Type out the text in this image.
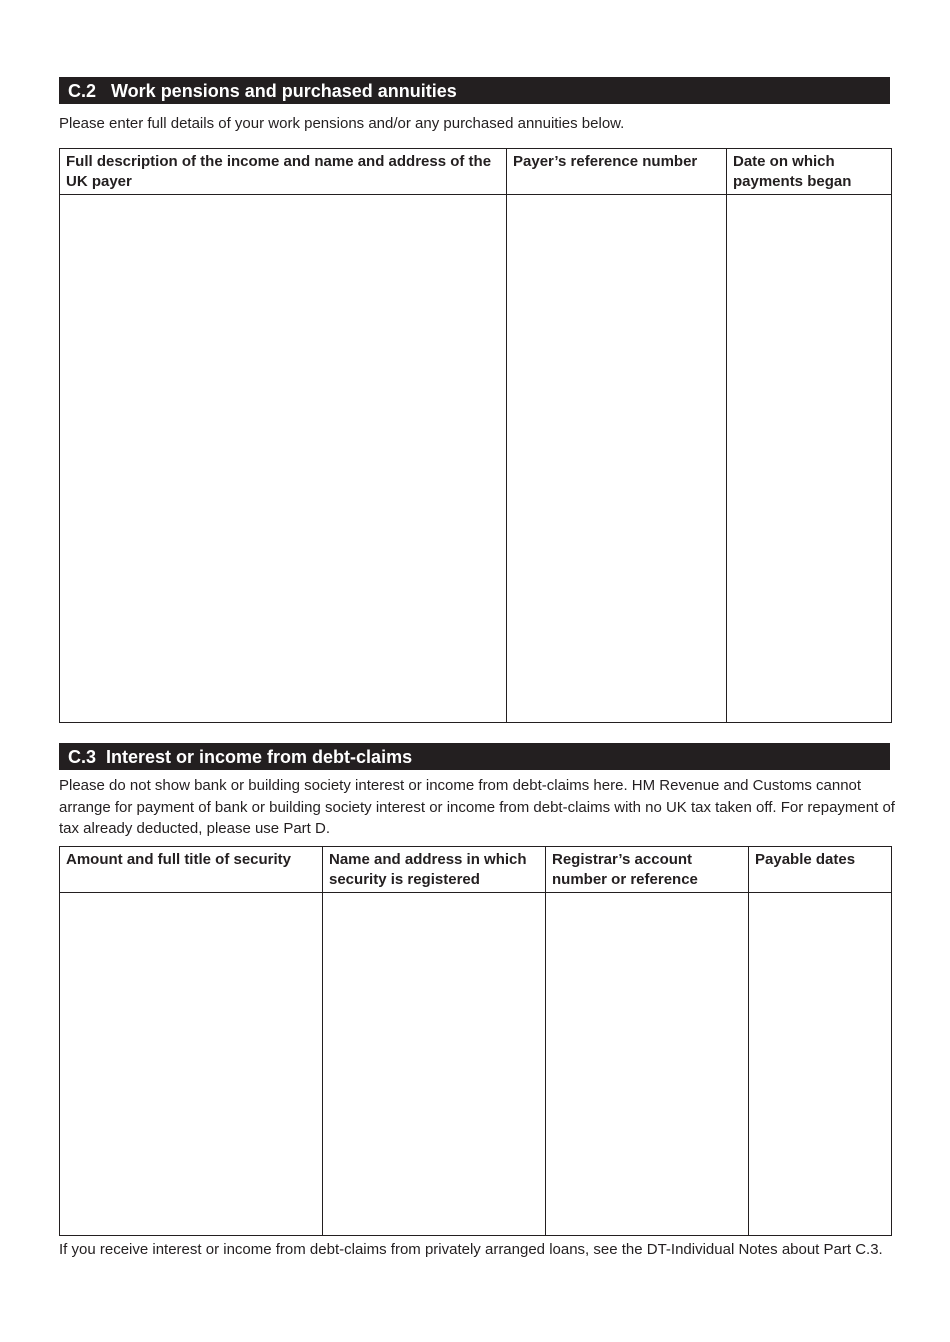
C.2   Work pensions and purchased annuities
Please enter full details of your work pensions and/or any purchased annuities below.
Full description of the income and name and address of the UK payer	Payer’s reference number	Date on which payments began

C.3  Interest or income from debt-claims
Please do not show bank or building society interest or income from debt-claims here. HM Revenue and Customs cannot arrange for payment of bank or building society interest or income from debt-claims with no UK tax taken off. For repayment of tax already deducted, please use Part D.
Amount and full title of security	Name and address in which security is registered	Registrar’s account number or reference	Payable dates

If you receive interest or income from debt-claims from privately arranged loans, see the DT-Individual Notes about Part C.3.
